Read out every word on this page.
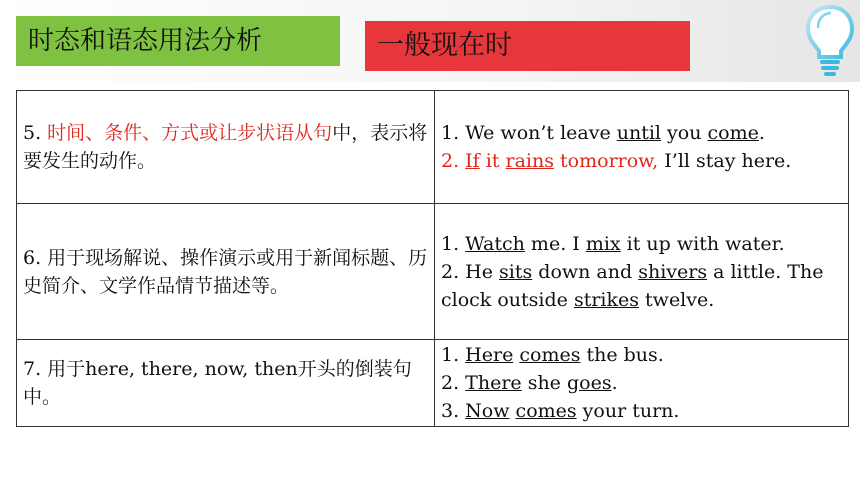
时态和语态用法分析	一般现在时
5. 时间、条件、方式或让步状语从句中，表示将要发生的动作。	1. We won’t leave until you come.
2. If it rains tomorrow, I’ll stay here.

6. 用于现场解说、操作演示或用于新闻标题、历史简介、文学作品情节描述等。	1. Watch me. I mix it up with water.
2. He sits down and shivers a little. The clock outside strikes twelve.

7. 用于here, there, now, then开头的倒装句中。	1. Here comes the bus.
2. There she goes.
3. Now comes your turn.
